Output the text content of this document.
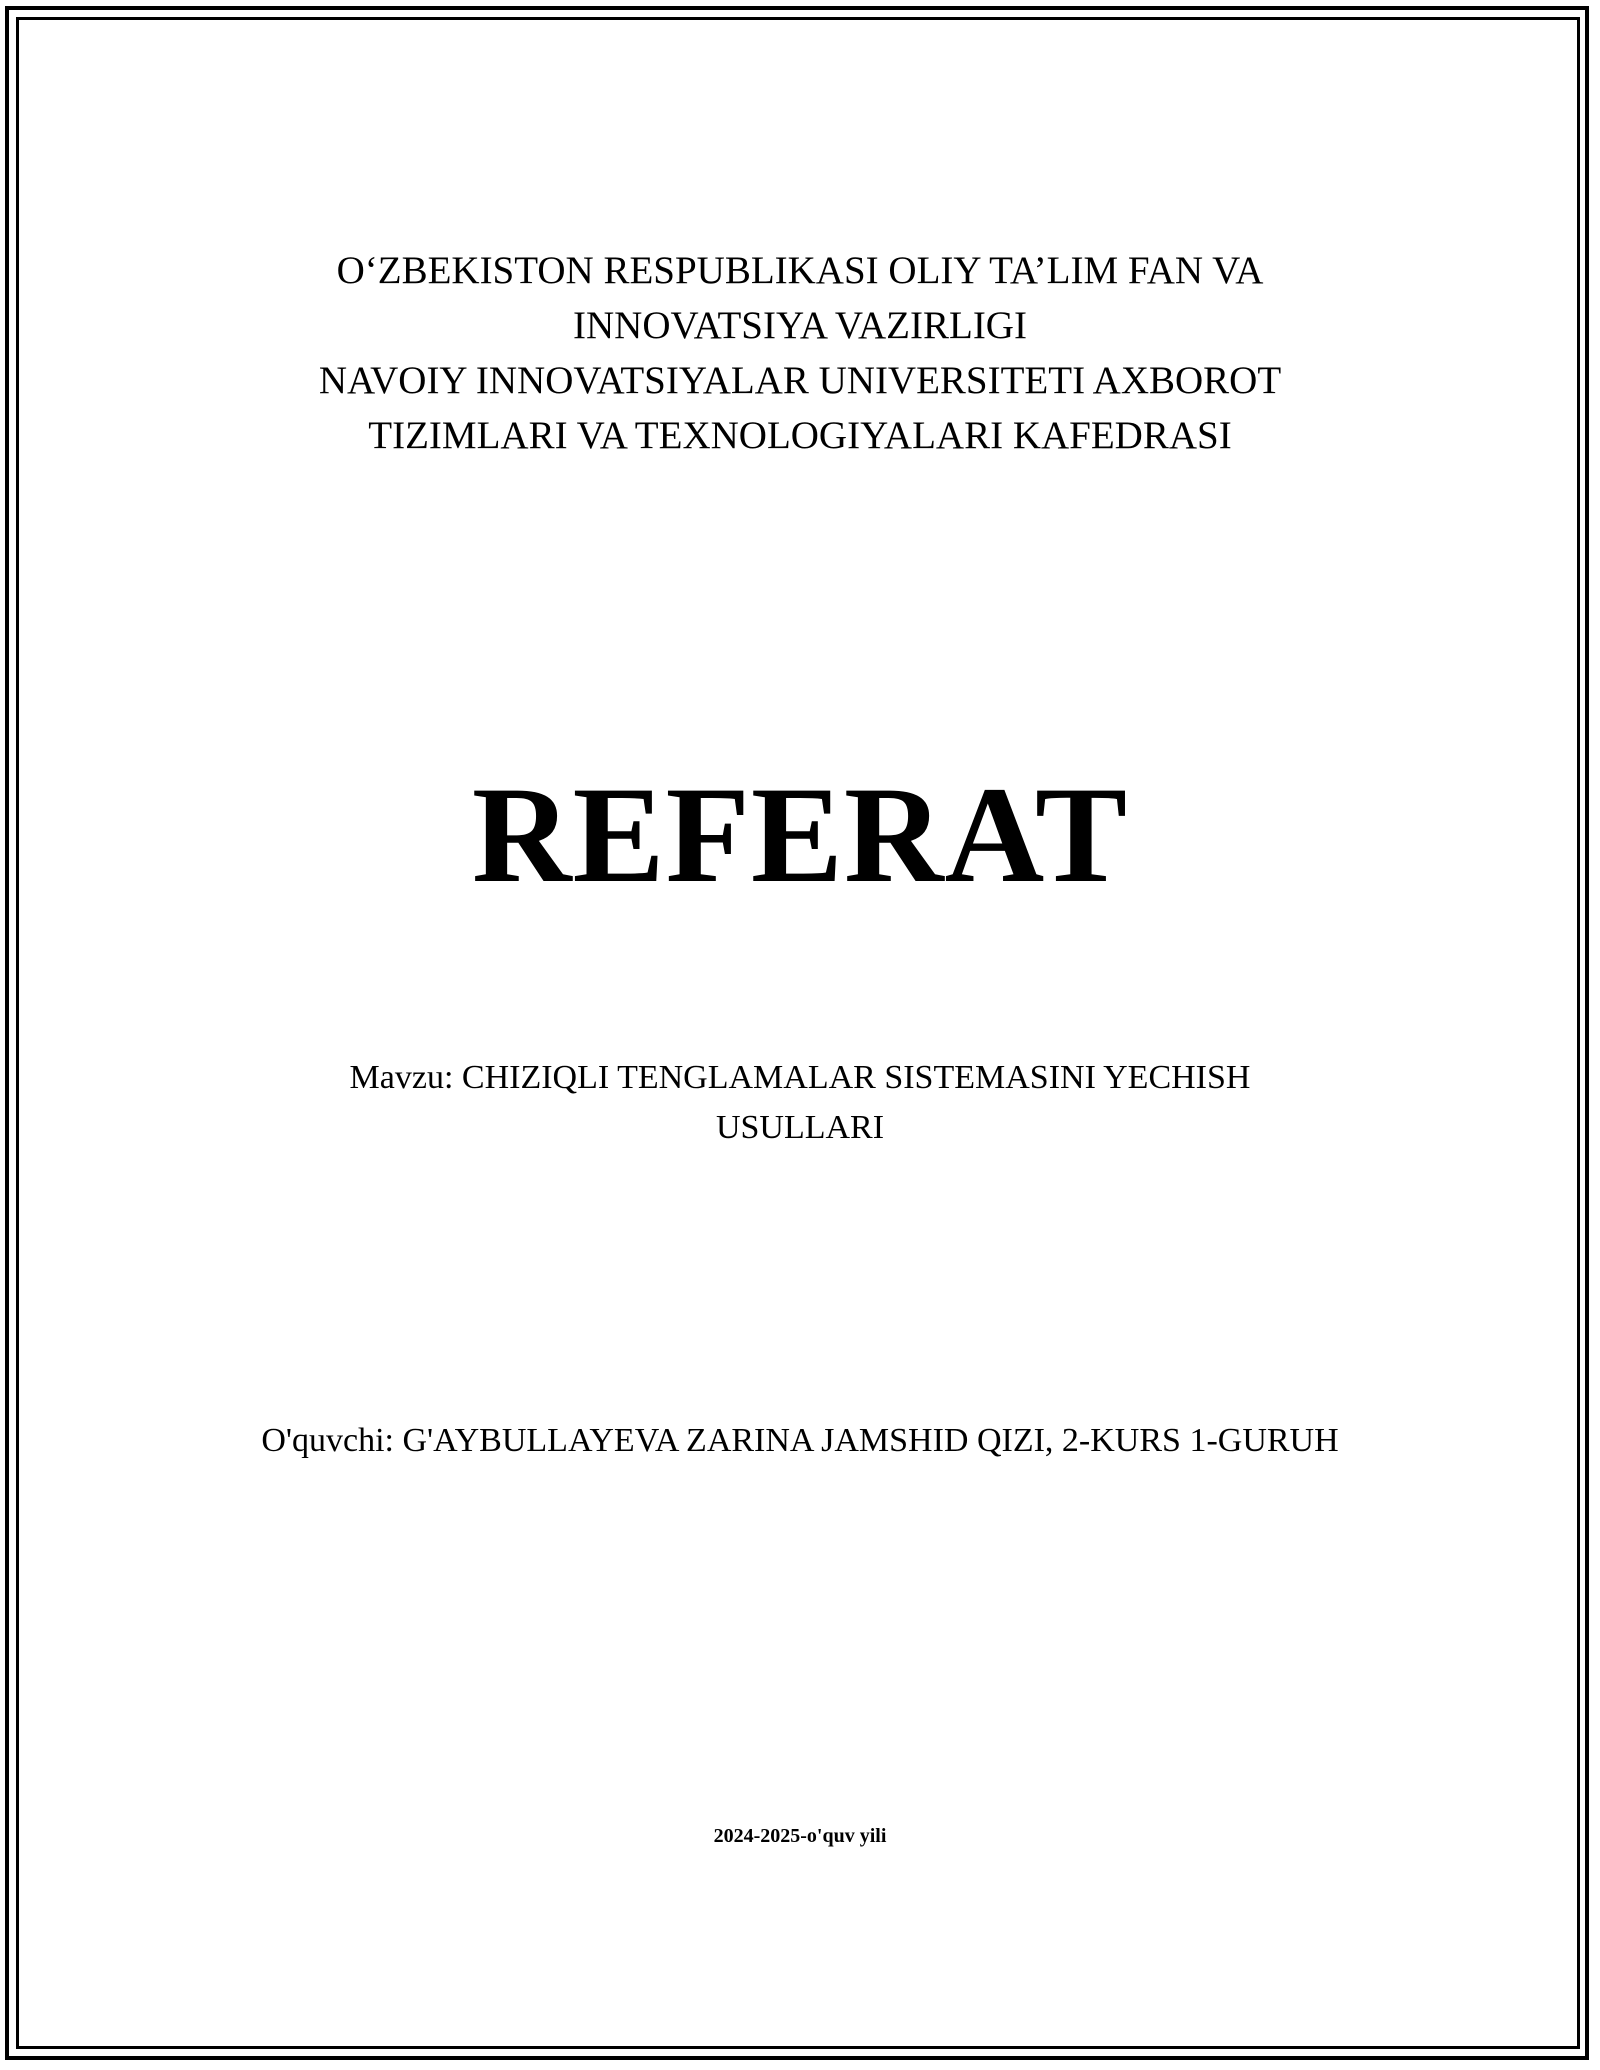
O‘ZBEKISTON RESPUBLIKASI OLIY TA’LIM FAN VA

INNOVATSIYA VAZIRLIGI

NAVOIY INNOVATSIYALAR UNIVERSITETI AXBOROT

TIZIMLARI VA TEXNOLOGIYALARI KAFEDRASI

REFERAT
Mavzu: CHIZIQLI TENGLAMALAR SISTEMASINI YECHISH USULLARI
O'quvchi: G'AYBULLAYEVA ZARINA JAMSHID QIZI, 2-KURS 1-GURUH
2024-2025-o'quv yili
